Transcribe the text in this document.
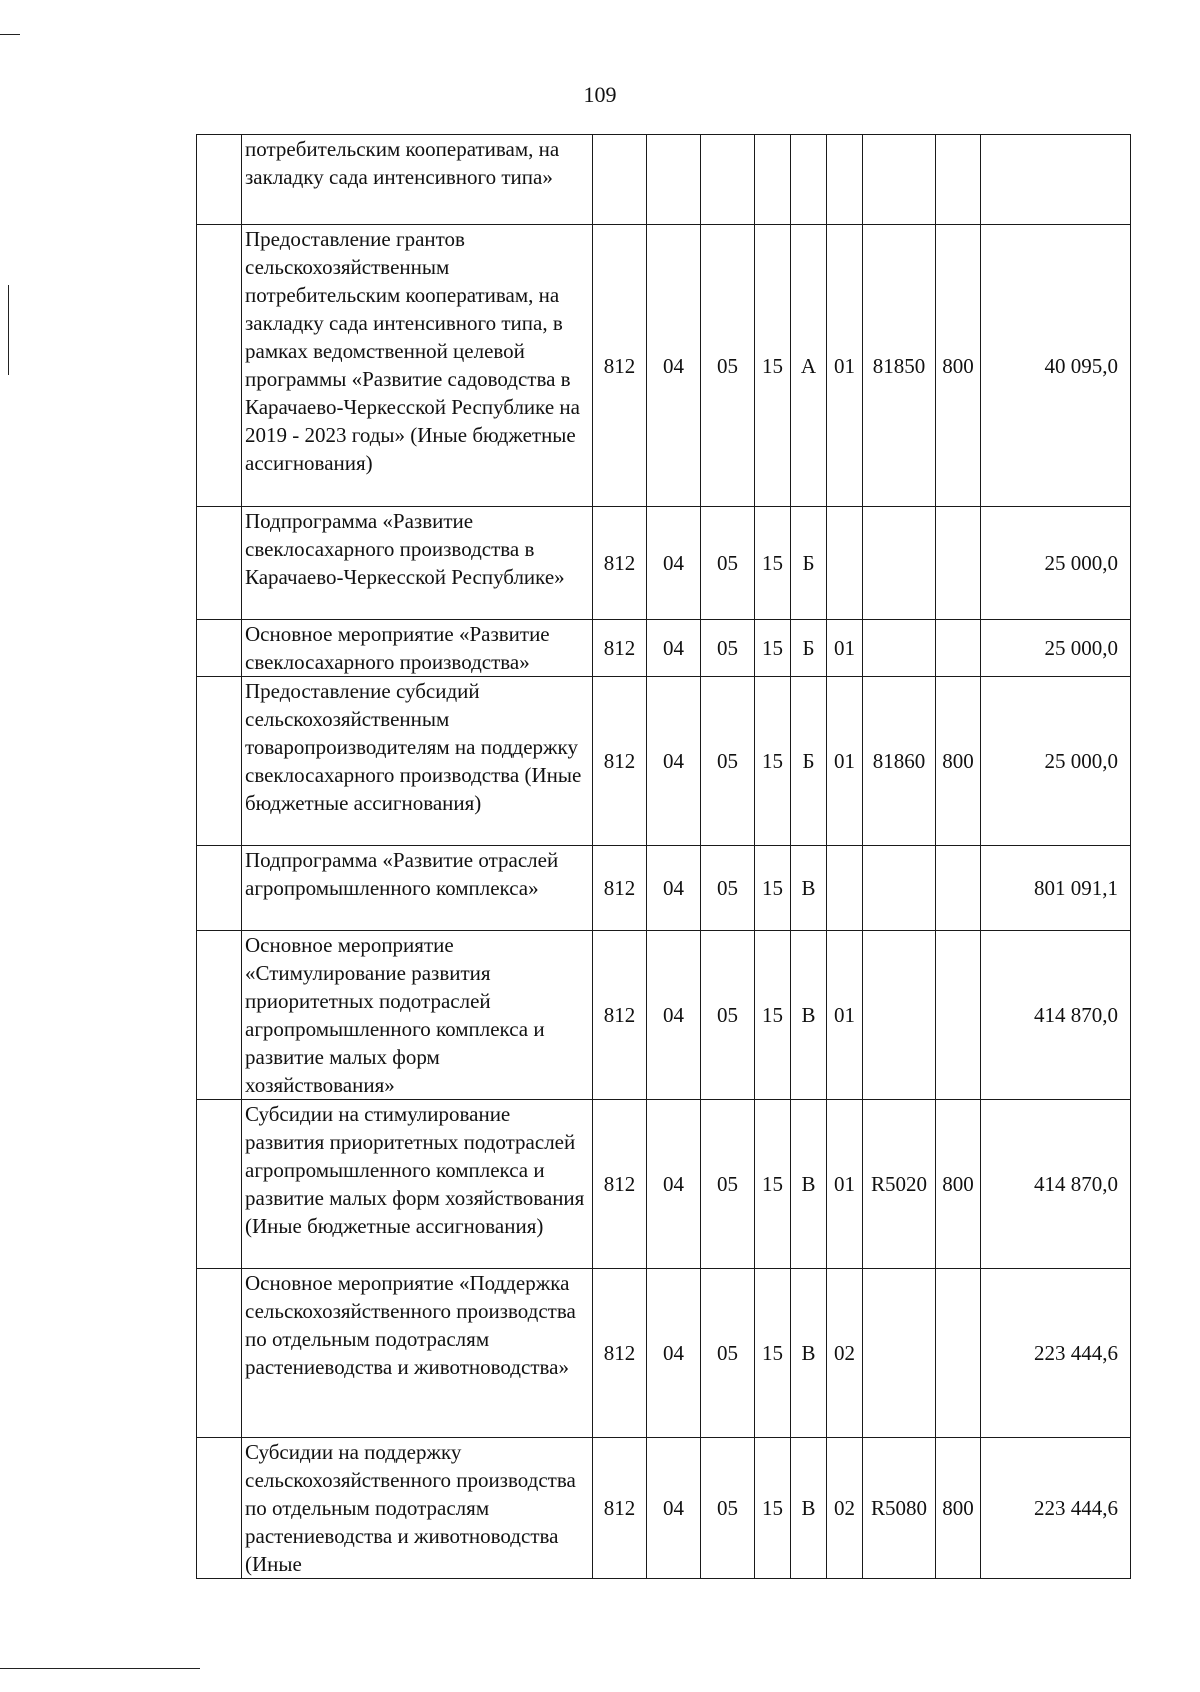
109
	потребительским кооперативам, на закладку сада интенсивного типа»									
	Предоставление грантов сельскохозяйственным потребительским кооперативам, на закладку сада интенсивного типа, в рамках ведомственной целевой программы «Развитие садоводства в Карачаево-Черкесской Республике на 2019 - 2023 годы» (Иные бюджетные ассигнования)	812	04	05	15	А	01	81850	800	40 095,0
	Подпрограмма «Развитие свеклосахарного производства в Карачаево-Черкесской Республике»	812	04	05	15	Б				25 000,0
	Основное мероприятие «Развитие свеклосахарного производства»	812	04	05	15	Б	01			25 000,0
	Предоставление субсидий сельскохозяйственным товаропроизводителям на поддержку свеклосахарного производства (Иные бюджетные ассигнования)	812	04	05	15	Б	01	81860	800	25 000,0
	Подпрограмма «Развитие отраслей агропромышленного комплекса»	812	04	05	15	В				801 091,1
	Основное мероприятие «Стимулирование развития приоритетных подотраслей агропромышленного комплекса и развитие малых форм хозяйствования»	812	04	05	15	В	01			414 870,0
	Субсидии на стимулирование развития приоритетных подотраслей агропромышленного комплекса и развитие малых форм хозяйствования (Иные бюджетные ассигнования)	812	04	05	15	В	01	R5020	800	414 870,0
	Основное мероприятие «Поддержка сельскохозяйственного производства по отдельным подотраслям растениеводства и животноводства»	812	04	05	15	В	02			223 444,6
	Субсидии на поддержку сельскохозяйственного производства по отдельным подотраслям растениеводства и животноводства (Иные	812	04	05	15	В	02	R5080	800	223 444,6
